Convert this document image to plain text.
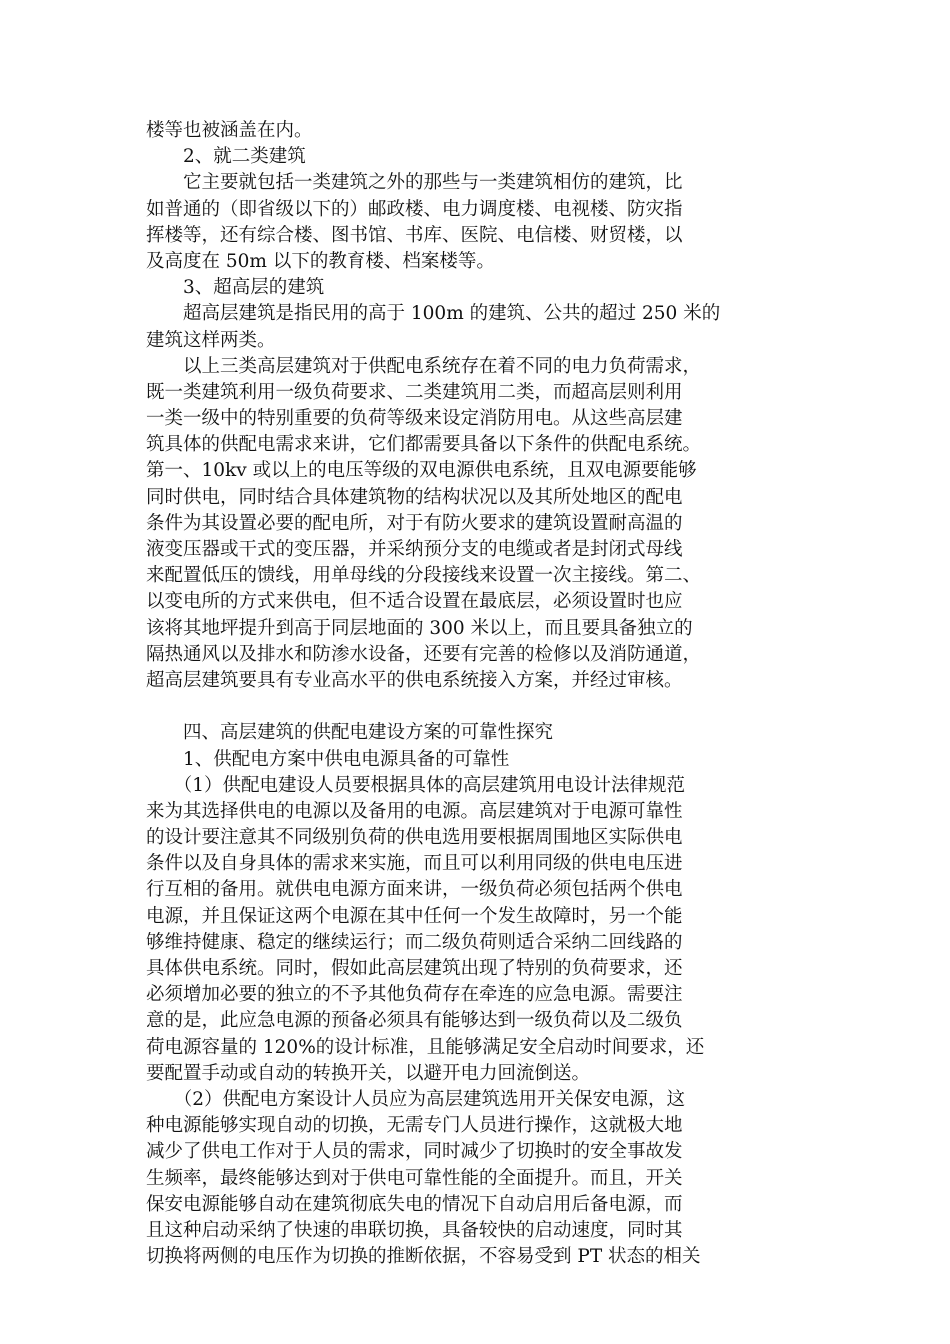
楼等也被涵盖在内。
　　2、就二类建筑
　　它主要就包括一类建筑之外的那些与一类建筑相仿的建筑，比
如普通的（即省级以下的）邮政楼、电力调度楼、电视楼、防灾指
挥楼等，还有综合楼、图书馆、书库、医院、电信楼、财贸楼，以
及高度在 50m 以下的教育楼、档案楼等。
　　3、超高层的建筑
　　超高层建筑是指民用的高于 100m 的建筑、公共的超过 250 米的
建筑这样两类。
　　以上三类高层建筑对于供配电系统存在着不同的电力负荷需求，
既一类建筑利用一级负荷要求、二类建筑用二类，而超高层则利用
一类一级中的特别重要的负荷等级来设定消防用电。从这些高层建
筑具体的供配电需求来讲，它们都需要具备以下条件的供配电系统。
第一、10kv 或以上的电压等级的双电源供电系统，且双电源要能够
同时供电，同时结合具体建筑物的结构状况以及其所处地区的配电
条件为其设置必要的配电所，对于有防火要求的建筑设置耐高温的
液变压器或干式的变压器，并采纳预分支的电缆或者是封闭式母线
来配置低压的馈线，用单母线的分段接线来设置一次主接线。第二、
以变电所的方式来供电，但不适合设置在最底层，必须设置时也应
该将其地坪提升到高于同层地面的 300 米以上，而且要具备独立的
隔热通风以及排水和防渗水设备，还要有完善的检修以及消防通道，
超高层建筑要具有专业高水平的供电系统接入方案，并经过审核。
　　四、高层建筑的供配电建设方案的可靠性探究
　　1、供配电方案中供电电源具备的可靠性
　　（1）供配电建设人员要根据具体的高层建筑用电设计法律规范
来为其选择供电的电源以及备用的电源。高层建筑对于电源可靠性
的设计要注意其不同级别负荷的供电选用要根据周围地区实际供电
条件以及自身具体的需求来实施，而且可以利用同级的供电电压进
行互相的备用。就供电电源方面来讲，一级负荷必须包括两个供电
电源，并且保证这两个电源在其中任何一个发生故障时，另一个能
够维持健康、稳定的继续运行；而二级负荷则适合采纳二回线路的
具体供电系统。同时，假如此高层建筑出现了特别的负荷要求，还
必须增加必要的独立的不予其他负荷存在牵连的应急电源。需要注
意的是，此应急电源的预备必须具有能够达到一级负荷以及二级负
荷电源容量的 120%的设计标准，且能够满足安全启动时间要求，还
要配置手动或自动的转换开关，以避开电力回流倒送。
　　（2）供配电方案设计人员应为高层建筑选用开关保安电源，这
种电源能够实现自动的切换，无需专门人员进行操作，这就极大地
减少了供电工作对于人员的需求，同时减少了切换时的安全事故发
生频率，最终能够达到对于供电可靠性能的全面提升。而且，开关
保安电源能够自动在建筑彻底失电的情况下自动启用后备电源，而
且这种启动采纳了快速的串联切换，具备较快的启动速度，同时其
切换将两侧的电压作为切换的推断依据，不容易受到 PT 状态的相关
